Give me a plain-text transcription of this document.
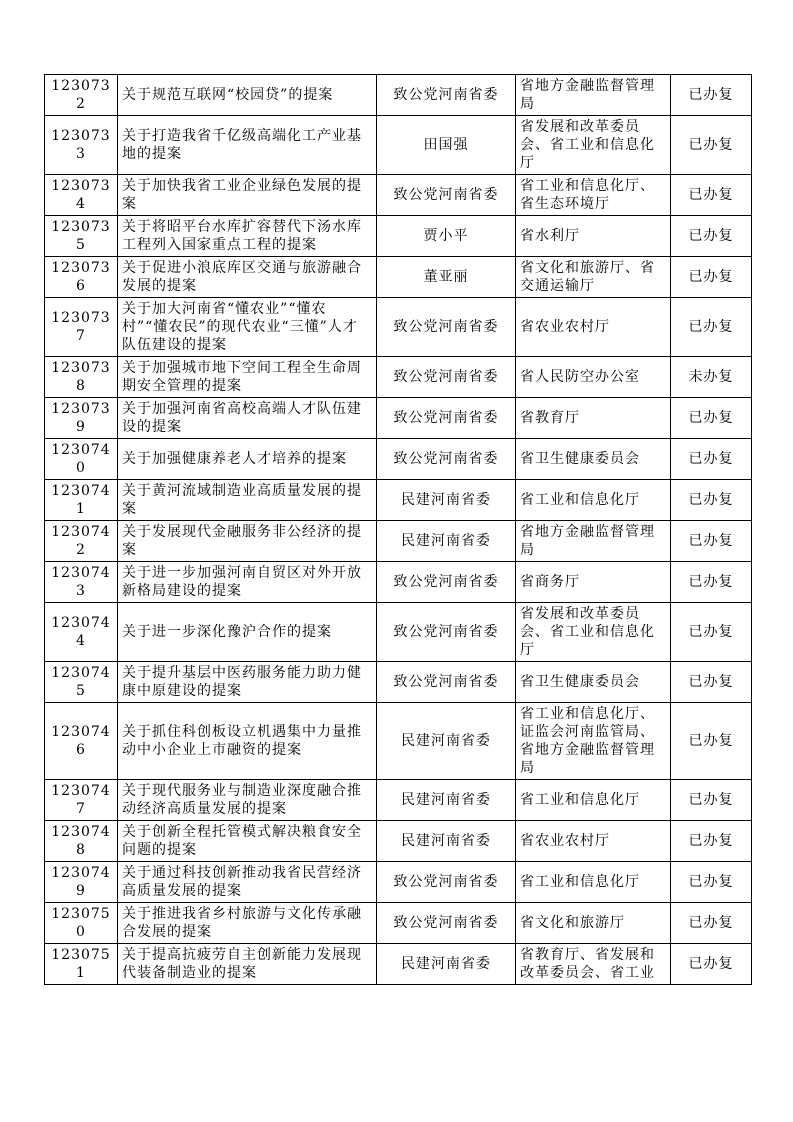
1230732	关于规范互联网“校园贷”的提案	致公党河南省委	省地方金融监督管理局	已办复
1230733	关于打造我省千亿级高端化工产业基地的提案	田国强	省发展和改革委员会、省工业和信息化厅	已办复
1230734	关于加快我省工业企业绿色发展的提案	致公党河南省委	省工业和信息化厅、省生态环境厅	已办复
1230735	关于将昭平台水库扩容替代下汤水库工程列入国家重点工程的提案	贾小平	省水利厅	已办复
1230736	关于促进小浪底库区交通与旅游融合发展的提案	董亚丽	省文化和旅游厅、省交通运输厅	已办复
1230737	关于加大河南省“懂农业”“懂农村”“懂农民”的现代农业“三懂”人才队伍建设的提案	致公党河南省委	省农业农村厅	已办复
1230738	关于加强城市地下空间工程全生命周期安全管理的提案	致公党河南省委	省人民防空办公室	未办复
1230739	关于加强河南省高校高端人才队伍建设的提案	致公党河南省委	省教育厅	已办复
1230740	关于加强健康养老人才培养的提案	致公党河南省委	省卫生健康委员会	已办复
1230741	关于黄河流域制造业高质量发展的提案	民建河南省委	省工业和信息化厅	已办复
1230742	关于发展现代金融服务非公经济的提案	民建河南省委	省地方金融监督管理局	已办复
1230743	关于进一步加强河南自贸区对外开放新格局建设的提案	致公党河南省委	省商务厅	已办复
1230744	关于进一步深化豫沪合作的提案	致公党河南省委	省发展和改革委员会、省工业和信息化厅	已办复
1230745	关于提升基层中医药服务能力助力健康中原建设的提案	致公党河南省委	省卫生健康委员会	已办复
1230746	关于抓住科创板设立机遇集中力量推动中小企业上市融资的提案	民建河南省委	省工业和信息化厅、证监会河南监管局、省地方金融监督管理局	已办复
1230747	关于现代服务业与制造业深度融合推动经济高质量发展的提案	民建河南省委	省工业和信息化厅	已办复
1230748	关于创新全程托管模式解决粮食安全问题的提案	民建河南省委	省农业农村厅	已办复
1230749	关于通过科技创新推动我省民营经济高质量发展的提案	致公党河南省委	省工业和信息化厅	已办复
1230750	关于推进我省乡村旅游与文化传承融合发展的提案	致公党河南省委	省文化和旅游厅	已办复
1230751	关于提高抗疲劳自主创新能力发展现代装备制造业的提案	民建河南省委	省教育厅、省发展和改革委员会、省工业	已办复
